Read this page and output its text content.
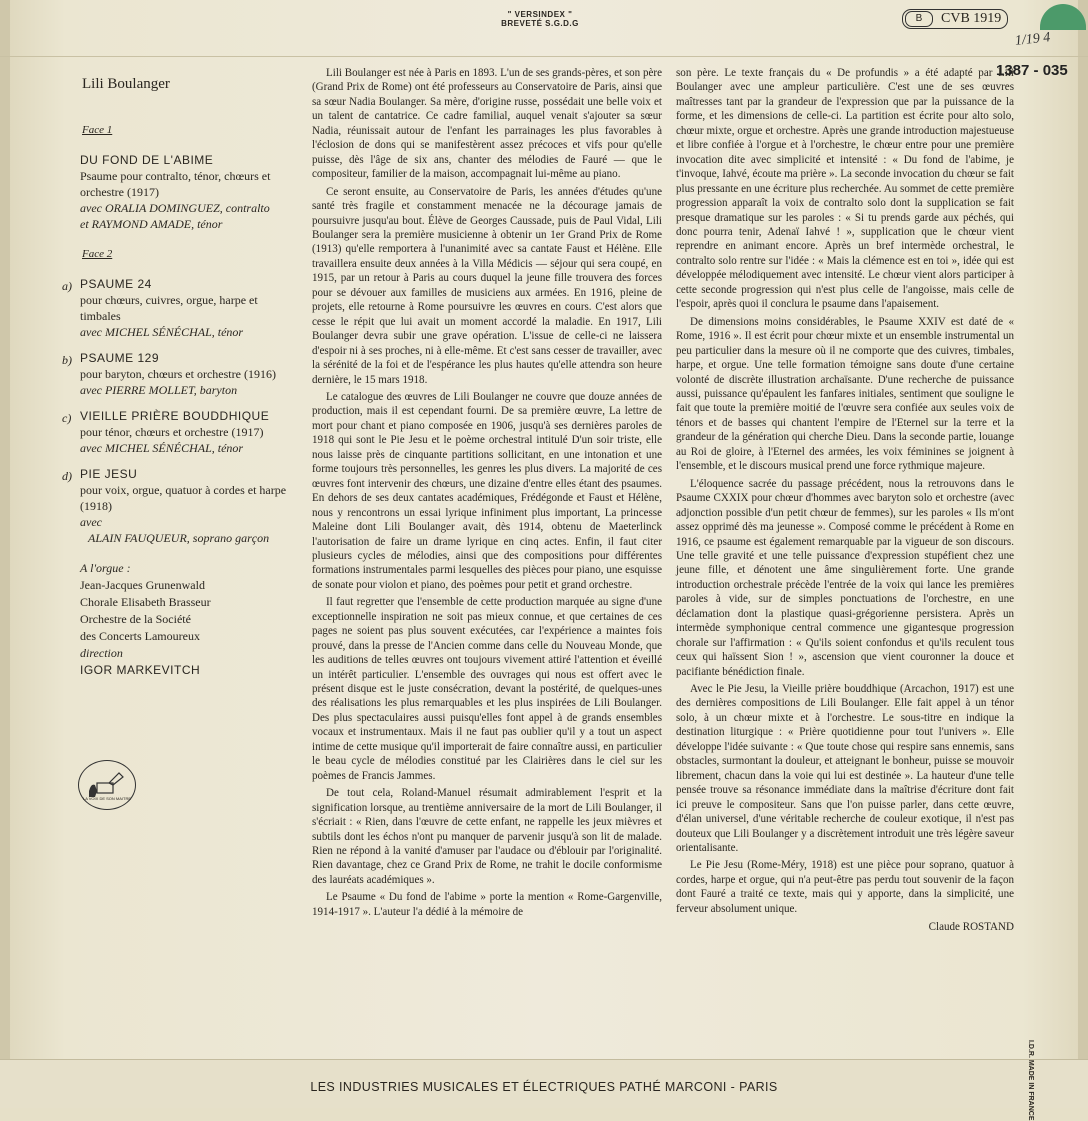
" VERSINDEX "
BREVETÉ S.G.D.G	B	CVB 1919
1/19 4
1387 - 035
Lili Boulanger
Face 1
DU FOND DE L'ABIME
Psaume pour contralto, ténor, chœurs et orchestre (1917)
avec ORALIA DOMINGUEZ, contralto
et RAYMOND AMADE, ténor
Face 2
a) PSAUME 24
pour chœurs, cuivres, orgue, harpe et timbales
avec MICHEL SÉNÉCHAL, ténor
b) PSAUME 129
pour baryton, chœurs et orchestre (1916)
avec PIERRE MOLLET, baryton
c) VIEILLE PRIÈRE BOUDDHIQUE
pour ténor, chœurs et orchestre (1917)
avec MICHEL SÉNÉCHAL, ténor
d) PIE JESU
pour voix, orgue, quatuor à cordes et harpe (1918)
avec
ALAIN FAUQUEUR, soprano garçon
A l'orgue :
Jean-Jacques Grunenwald
Chorale Elisabeth Brasseur
Orchestre de la Société
des Concerts Lamoureux
direction
IGOR MARKEVITCH
LA VOIX DE SON MAITRE

Lili Boulanger est née à Paris en 1893. L'un de ses grands-pères, et son père (Grand Prix de Rome) ont été professeurs au Conservatoire de Paris, ainsi que sa sœur Nadia Boulanger. Sa mère, d'origine russe, possédait une belle voix et un talent de cantatrice. Ce cadre familial, auquel venait s'ajouter sa sœur Nadia, réunissait autour de l'enfant les parrainages les plus favorables à l'éclosion de dons qui se manifestèrent assez précoces et vifs pour qu'elle puisse, dès l'âge de six ans, chanter des mélodies de Fauré — que le compositeur, familier de la maison, accompagnait lui-même au piano.

Ce seront ensuite, au Conservatoire de Paris, les années d'études qu'une santé très fragile et constamment menacée ne la décourage jamais de poursuivre jusqu'au bout. Élève de Georges Caussade, puis de Paul Vidal, Lili Boulanger sera la première musicienne à obtenir un 1er Grand Prix de Rome (1913) qu'elle remportera à l'unanimité avec sa cantate Faust et Hélène. Elle travaillera ensuite deux années à la Villa Médicis — séjour qui sera coupé, en 1915, par un retour à Paris au cours duquel la jeune fille trouvera des forces pour se dévouer aux familles de musiciens aux armées. En 1916, pleine de projets, elle retourne à Rome poursuivre les œuvres en cours. C'est alors que cesse le répit que lui avait un moment accordé la maladie. En 1917, Lili Boulanger devra subir une grave opération. L'issue de celle-ci ne laissera d'espoir ni à ses proches, ni à elle-même. Et c'est sans cesser de travailler, avec la sérénité de la foi et de l'espérance les plus hautes qu'elle attendra son heure dernière, le 15 mars 1918.

Le catalogue des œuvres de Lili Boulanger ne couvre que douze années de production, mais il est cependant fourni. De sa première œuvre, La lettre de mort pour chant et piano composée en 1906, jusqu'à ses dernières paroles de 1918 qui sont le Pie Jesu et le poème orchestral intitulé D'un soir triste, elle nous laisse près de cinquante partitions sollicitant, en une intonation et une forme toujours très personnelles, les genres les plus divers. La majorité de ces œuvres font intervenir des chœurs, une dizaine d'entre elles étant des psaumes. En dehors de ses deux cantates académiques, Frédégonde et Faust et Hélène, nous y rencontrons un essai lyrique infiniment plus important, La princesse Maleine dont Lili Boulanger avait, dès 1914, obtenu de Maeterlinck l'autorisation de faire un drame lyrique en cinq actes. Enfin, il faut citer plusieurs cycles de mélodies, ainsi que des compositions pour différentes formations instrumentales parmi lesquelles des pièces pour piano, une esquisse de sonate pour violon et piano, des poèmes pour petit et grand orchestre.

Il faut regretter que l'ensemble de cette production marquée au signe d'une exceptionnelle inspiration ne soit pas mieux connue, et que certaines de ces pages ne soient pas plus souvent exécutées, car l'expérience a maintes fois prouvé, dans la presse de l'Ancien comme dans celle du Nouveau Monde, que les auditions de telles œuvres ont toujours vivement attiré l'attention et éveillé un intérêt particulier. L'ensemble des ouvrages qui nous est offert avec le présent disque est le juste consécration, devant la postérité, de quelques-unes des réalisations les plus remarquables et les plus inspirées de Lili Boulanger. Des plus spectaculaires aussi puisqu'elles font appel à de grands ensembles vocaux et instrumentaux. Mais il ne faut pas oublier qu'il y a tout un aspect intime de cette musique qu'il importerait de faire connaître aussi, en particulier le beau cycle de mélodies constitué par les Clairières dans le ciel sur les poèmes de Francis Jammes.

De tout cela, Roland-Manuel résumait admirablement l'esprit et la signification lorsque, au trentième anniversaire de la mort de Lili Boulanger, il s'écriait : « Rien, dans l'œuvre de cette enfant, ne rappelle les jeux mièvres et subtils dont les échos n'ont pu manquer de parvenir jusqu'à son lit de malade. Rien ne répond à la vanité d'amuser par l'audace ou d'éblouir par l'originalité. Rien davantage, chez ce Grand Prix de Rome, ne trahit le docile conformisme des lauréats académiques ».

Le Psaume « Du fond de l'abime » porte la mention « Rome-Gargenville, 1914-1917 ». L'auteur l'a dédié à la mémoire de

son père. Le texte français du « De profundis » a été adapté par Lili Boulanger avec une ampleur particulière. C'est une de ses œuvres maîtresses tant par la grandeur de l'expression que par la puissance de la forme, et les dimensions de celle-ci. La partition est écrite pour alto solo, chœur mixte, orgue et orchestre. Après une grande introduction majestueuse et libre confiée à l'orgue et à l'orchestre, le chœur entre pour une première invocation dite avec simplicité et intensité : « Du fond de l'abime, je t'invoque, Iahvé, écoute ma prière ». La seconde invocation du chœur se fait plus pressante en une écriture plus recherchée. Au sommet de cette première progression apparaît la voix de contralto solo dont la supplication se fait presque dramatique sur les paroles : « Si tu prends garde aux péchés, qui donc pourra tenir, Adenaï Iahvé ! », supplication que le chœur vient reprendre en animant encore. Après un bref intermède orchestral, le contralto solo rentre sur l'idée : « Mais la clémence est en toi », idée qui est développée mélodiquement avec intensité. Le chœur vient alors participer à cette seconde progression qui n'est plus celle de l'angoisse, mais celle de l'espoir, après quoi il conclura le psaume dans l'apaisement.

De dimensions moins considérables, le Psaume XXIV est daté de « Rome, 1916 ». Il est écrit pour chœur mixte et un ensemble instrumental un peu particulier dans la mesure où il ne comporte que des cuivres, timbales, harpe, et orgue. Une telle formation témoigne sans doute d'une certaine volonté de discrète illustration archaïsante. D'une recherche de puissance aussi, puissance qu'épaulent les fanfares initiales, sentiment que souligne le fait que toute la première moitié de l'œuvre sera confiée aux seules voix de ténors et de basses qui chantent l'empire de l'Eternel sur la terre et la grandeur de la génération qui cherche Dieu. Dans la seconde partie, louange au Roi de gloire, à l'Eternel des armées, les voix féminines se joignent à l'ensemble, et le discours musical prend une force rythmique majeure.

L'éloquence sacrée du passage précédent, nous la retrouvons dans le Psaume CXXIX pour chœur d'hommes avec baryton solo et orchestre (avec adjonction possible d'un petit chœur de femmes), sur les paroles « Ils m'ont assez opprimé dès ma jeunesse ». Composé comme le précédent à Rome en 1916, ce psaume est également remarquable par la vigueur de son discours. Une telle gravité et une telle puissance d'expression stupéfient chez une jeune fille, et dénotent une âme singulièrement forte. Une grande introduction orchestrale précède l'entrée de la voix qui lance les premières paroles à vide, sur de simples ponctuations de l'orchestre, en une déclamation dont la plastique quasi-grégorienne persistera. Après un intermède symphonique central commence une gigantesque progression chorale sur l'affirmation : « Qu'ils soient confondus et qu'ils reculent tous ceux qui haïssent Sion ! », ascension que vient couronner la douce et pacifiante bénédiction finale.

Avec le Pie Jesu, la Vieille prière bouddhique (Arcachon, 1917) est une des dernières compositions de Lili Boulanger. Elle fait appel à un ténor solo, à un chœur mixte et à l'orchestre. Le sous-titre en indique la destination liturgique : « Prière quotidienne pour tout l'univers ». Elle développe l'idée suivante : « Que toute chose qui respire sans ennemis, sans obstacles, surmontant la douleur, et atteignant le bonheur, puisse se mouvoir librement, chacun dans la voie qui lui est destinée ». La hauteur d'une telle pensée trouve sa résonance immédiate dans la maîtrise d'écriture dont fait ici preuve le compositeur. Sans que l'on puisse parler, dans cette œuvre, d'élan universel, d'une véritable recherche de couleur exotique, il n'est pas douteux que Lili Boulanger y a discrètement introduit une très légère saveur orientalisante.

Le Pie Jesu (Rome-Méry, 1918) est une pièce pour soprano, quatuor à cordes, harpe et orgue, qui n'a peut-être pas perdu tout souvenir de la façon dont Fauré a traité ce texte, mais qui y apporte, dans la simplicité, une ferveur absolument unique.

Claude ROSTAND

I.D.R. MADE IN FRANCE
LES INDUSTRIES MUSICALES ET ÉLECTRIQUES PATHÉ MARCONI - PARIS
